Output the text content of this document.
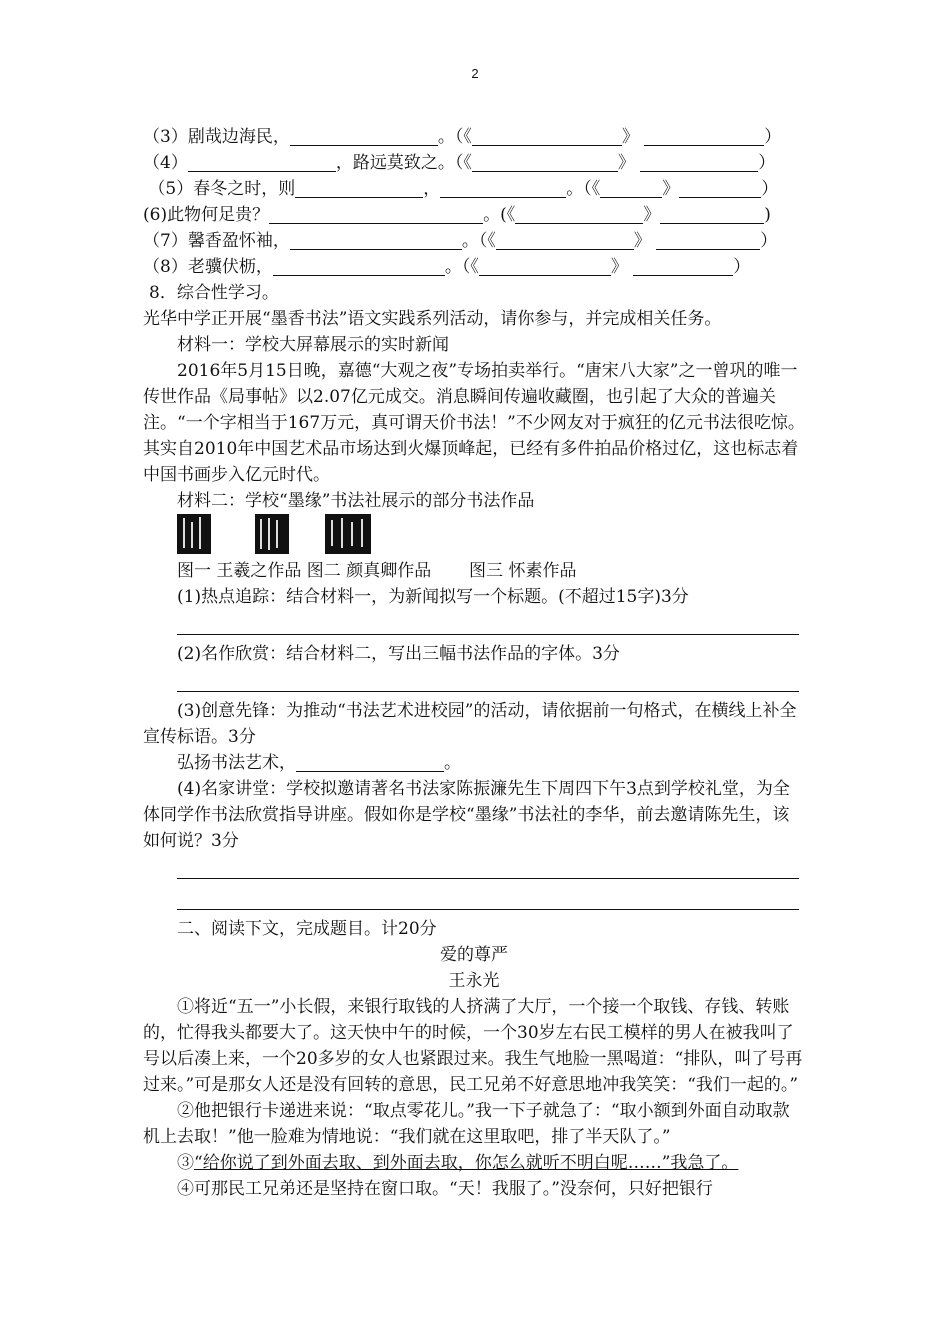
2
（3）剧哉边海民，	。（《	》	）
（4）	，路远莫致之。（《	》	）
（5）春冬之时，则	，	。（《	》	）
(6)此物何足贵？	。(《	》	)
（7）馨香盈怀袖，	。（《	》	）
（8）老骥伏枥，	。（《	》	）
8．综合性学习。
光华中学正开展“墨香书法”语文实践系列活动，请你参与，并完成相关任务。
材料一：学校大屏幕展示的实时新闻
2016年5月15日晚，嘉德“大观之夜”专场拍卖举行。“唐宋八大家”之一曾巩的唯一传世作品《局事帖》以2.07亿元成交。消息瞬间传遍收藏圈，也引起了大众的普遍关注。“一个字相当于167万元，真可谓天价书法！”不少网友对于疯狂的亿元书法很吃惊。其实自2010年中国艺术品市场达到火爆顶峰起，已经有多件拍品价格过亿，这也标志着中国书画步入亿元时代。
材料二：学校“墨缘”书法社展示的部分书法作品
图一 王羲之作品 图二 颜真卿作品       图三 怀素作品
(1)热点追踪：结合材料一，为新闻拟写一个标题。(不超过15字)3分
(2)名作欣赏：结合材料二，写出三幅书法作品的字体。3分
(3)创意先锋：为推动“书法艺术进校园”的活动，请依据前一句格式，在横线上补全宣传标语。3分
弘扬书法艺术，	。
(4)名家讲堂：学校拟邀请著名书法家陈振濂先生下周四下午3点到学校礼堂，为全体同学作书法欣赏指导讲座。假如你是学校“墨缘”书法社的李华，前去邀请陈先生，该如何说？3分
二、阅读下文，完成题目。计20分
爱的尊严
王永光
①将近“五一”小长假，来银行取钱的人挤满了大厅，一个接一个取钱、存钱、转账的，忙得我头都要大了。这天快中午的时候，一个30岁左右民工模样的男人在被我叫了号以后凑上来，一个20多岁的女人也紧跟过来。我生气地脸一黑喝道：“排队，叫了号再过来。”可是那女人还是没有回转的意思，民工兄弟不好意思地冲我笑笑：“我们一起的。”
②他把银行卡递进来说：“取点零花儿。”我一下子就急了：“取小额到外面自动取款机上去取！”他一脸难为情地说：“我们就在这里取吧，排了半天队了。”
③“给你说了到外面去取、到外面去取，你怎么就听不明白呢……”我急了。
④可那民工兄弟还是坚持在窗口取。“天！我服了。”没奈何，只好把银行
